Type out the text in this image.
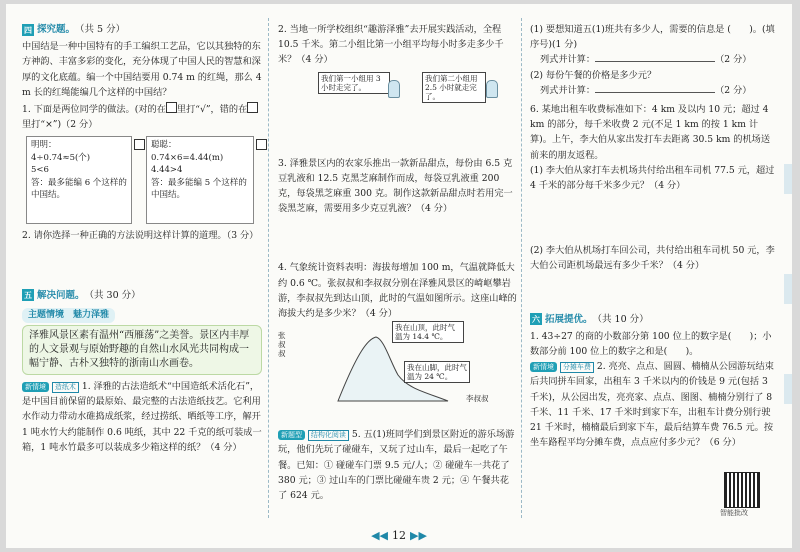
四 探究题。 （共 5 分）

中国结是一种中国特有的手工编织工艺品，它以其独特的东方神韵、丰富多彩的变化，充分体现了中国人民的智慧和深厚的文化底蕴。编一个中国结要用 0.74 m 的红绳，那么 4 m 长的红绳能编几个这样的中国结？

1. 下面是两位同学的做法。(对的在 里打“√”，错的在
里打“×”)（2 分）

明明：
4÷0.74≈5(个)
5<6
答：最多能编 6 个这样的中国结。
聪聪：
0.74×6=4.44(m)
4.44>4
答：最多能编 5 个这样的中国结。

2. 请你选择一种正确的方法说明这样计算的道理。（3 分）

五 解决问题。 （共 30 分）
主题情境　魅力泽雅
泽雅风景区素有温州“西雁荡”之美誉。景区内丰厚的人文景观与原始野趣的自然山水风光共同构成一幅宁静、古朴又独特的浙南山水画卷。

新情境 造纸术 1. 泽雅的古法造纸术“中国造纸术活化石”，是中国目前保留的最原始、最完整的古法造纸技艺。它利用水作动力带动水碓捣成纸浆，经过捞纸、晒纸等工序，解开 1 吨水竹大约能制作 0.6 吨纸，其中 22 千克的纸可装成一箱，1 吨水竹最多可以装成多少箱这样的纸？（4 分）

2. 当地一所学校组织“趣游泽雅”去开展实践活动，全程 10.5 千米。第二小组比第一小组平均每小时多走多少千米？（4 分）

我们第一小组用 3 小时走完了。
我们第二小组用 2.5 小时就走完了。

3. 泽雅景区内的农家乐推出一款新品甜点，每份由 6.5 克豆乳液和 12.5 克黑芝麻制作而成，每袋豆乳液重 200 克，每袋黑芝麻重 300 克。制作这款新品甜点时若用完一袋黑芝麻，需要用多少克豆乳液？（4 分）

4. 气象统计资料表明：海拔每增加 100 m，气温就降低大约 0.6 ℃。张叔叔和李叔叔分别在泽雅风景区的崎岖攀岩游，李叔叔先到达山顶，此时的气温如图所示。这座山峰的海拔大约是多少米？（4 分）

我在山顶，此时气温为 14.4 ℃。
我在山脚，此时气温为 24 ℃。
张叔叔
李叔叔

新题型 结构化阅读 5. 五(1)班同学们到景区附近的游乐场游玩，他们先玩了碰碰车，又玩了过山车，最后一起吃了午餐。已知：① 碰碰车门票 9.5 元/人；② 碰碰车一共花了 380 元；③ 过山车的门票比碰碰车贵 2 元；④ 午餐共花了 624 元。

(1) 要想知道五(1)班共有多少人，需要的信息是 (　　)。(填序号)(1 分)

列式并计算：	（2 分）

(2) 每份午餐的价格是多少元？

列式并计算：	（2 分）

6. 某地出租车收费标准如下：4 km 及以内 10 元；超过 4 km 的部分，每千米收费 2 元(不足 1 km 的按 1 km 计算)。上午，李大伯从家出发打车去距离 30.5 km 的机场送前来的朋友返程。

(1) 李大伯从家打车去机场共付给出租车司机 77.5 元，超过 4 千米的部分每千米多少元？（4 分）

(2) 李大伯从机场打车回公司，共付给出租车司机 50 元，李大伯公司距机场最远有多少千米？（4 分）

六 拓展提优。 （共 10 分）

1. 43÷27 的商的小数部分第 100 位上的数字是(　　)；小数部分前 100 位上的数字之和是(　　)。

新情境 分摊车费 2. 亮亮、点点、圆圆、楠楠从公园游玩结束后共同拼车回家，出租车 3 千米以内的价钱是 9 元(包括 3 千米)，从公园出发，亮亮家、点点、图图、楠楠分别行了 8 千米、11 千米、17 千米时到家下车，出租车计费分别行驶 21 千米时，楠楠最后到家下车，最后结算车费 76.5 元。按坐车路程平均分摊车费，点点应付多少元？（6 分）

智能批改
◀◀ 12 ▶▶
